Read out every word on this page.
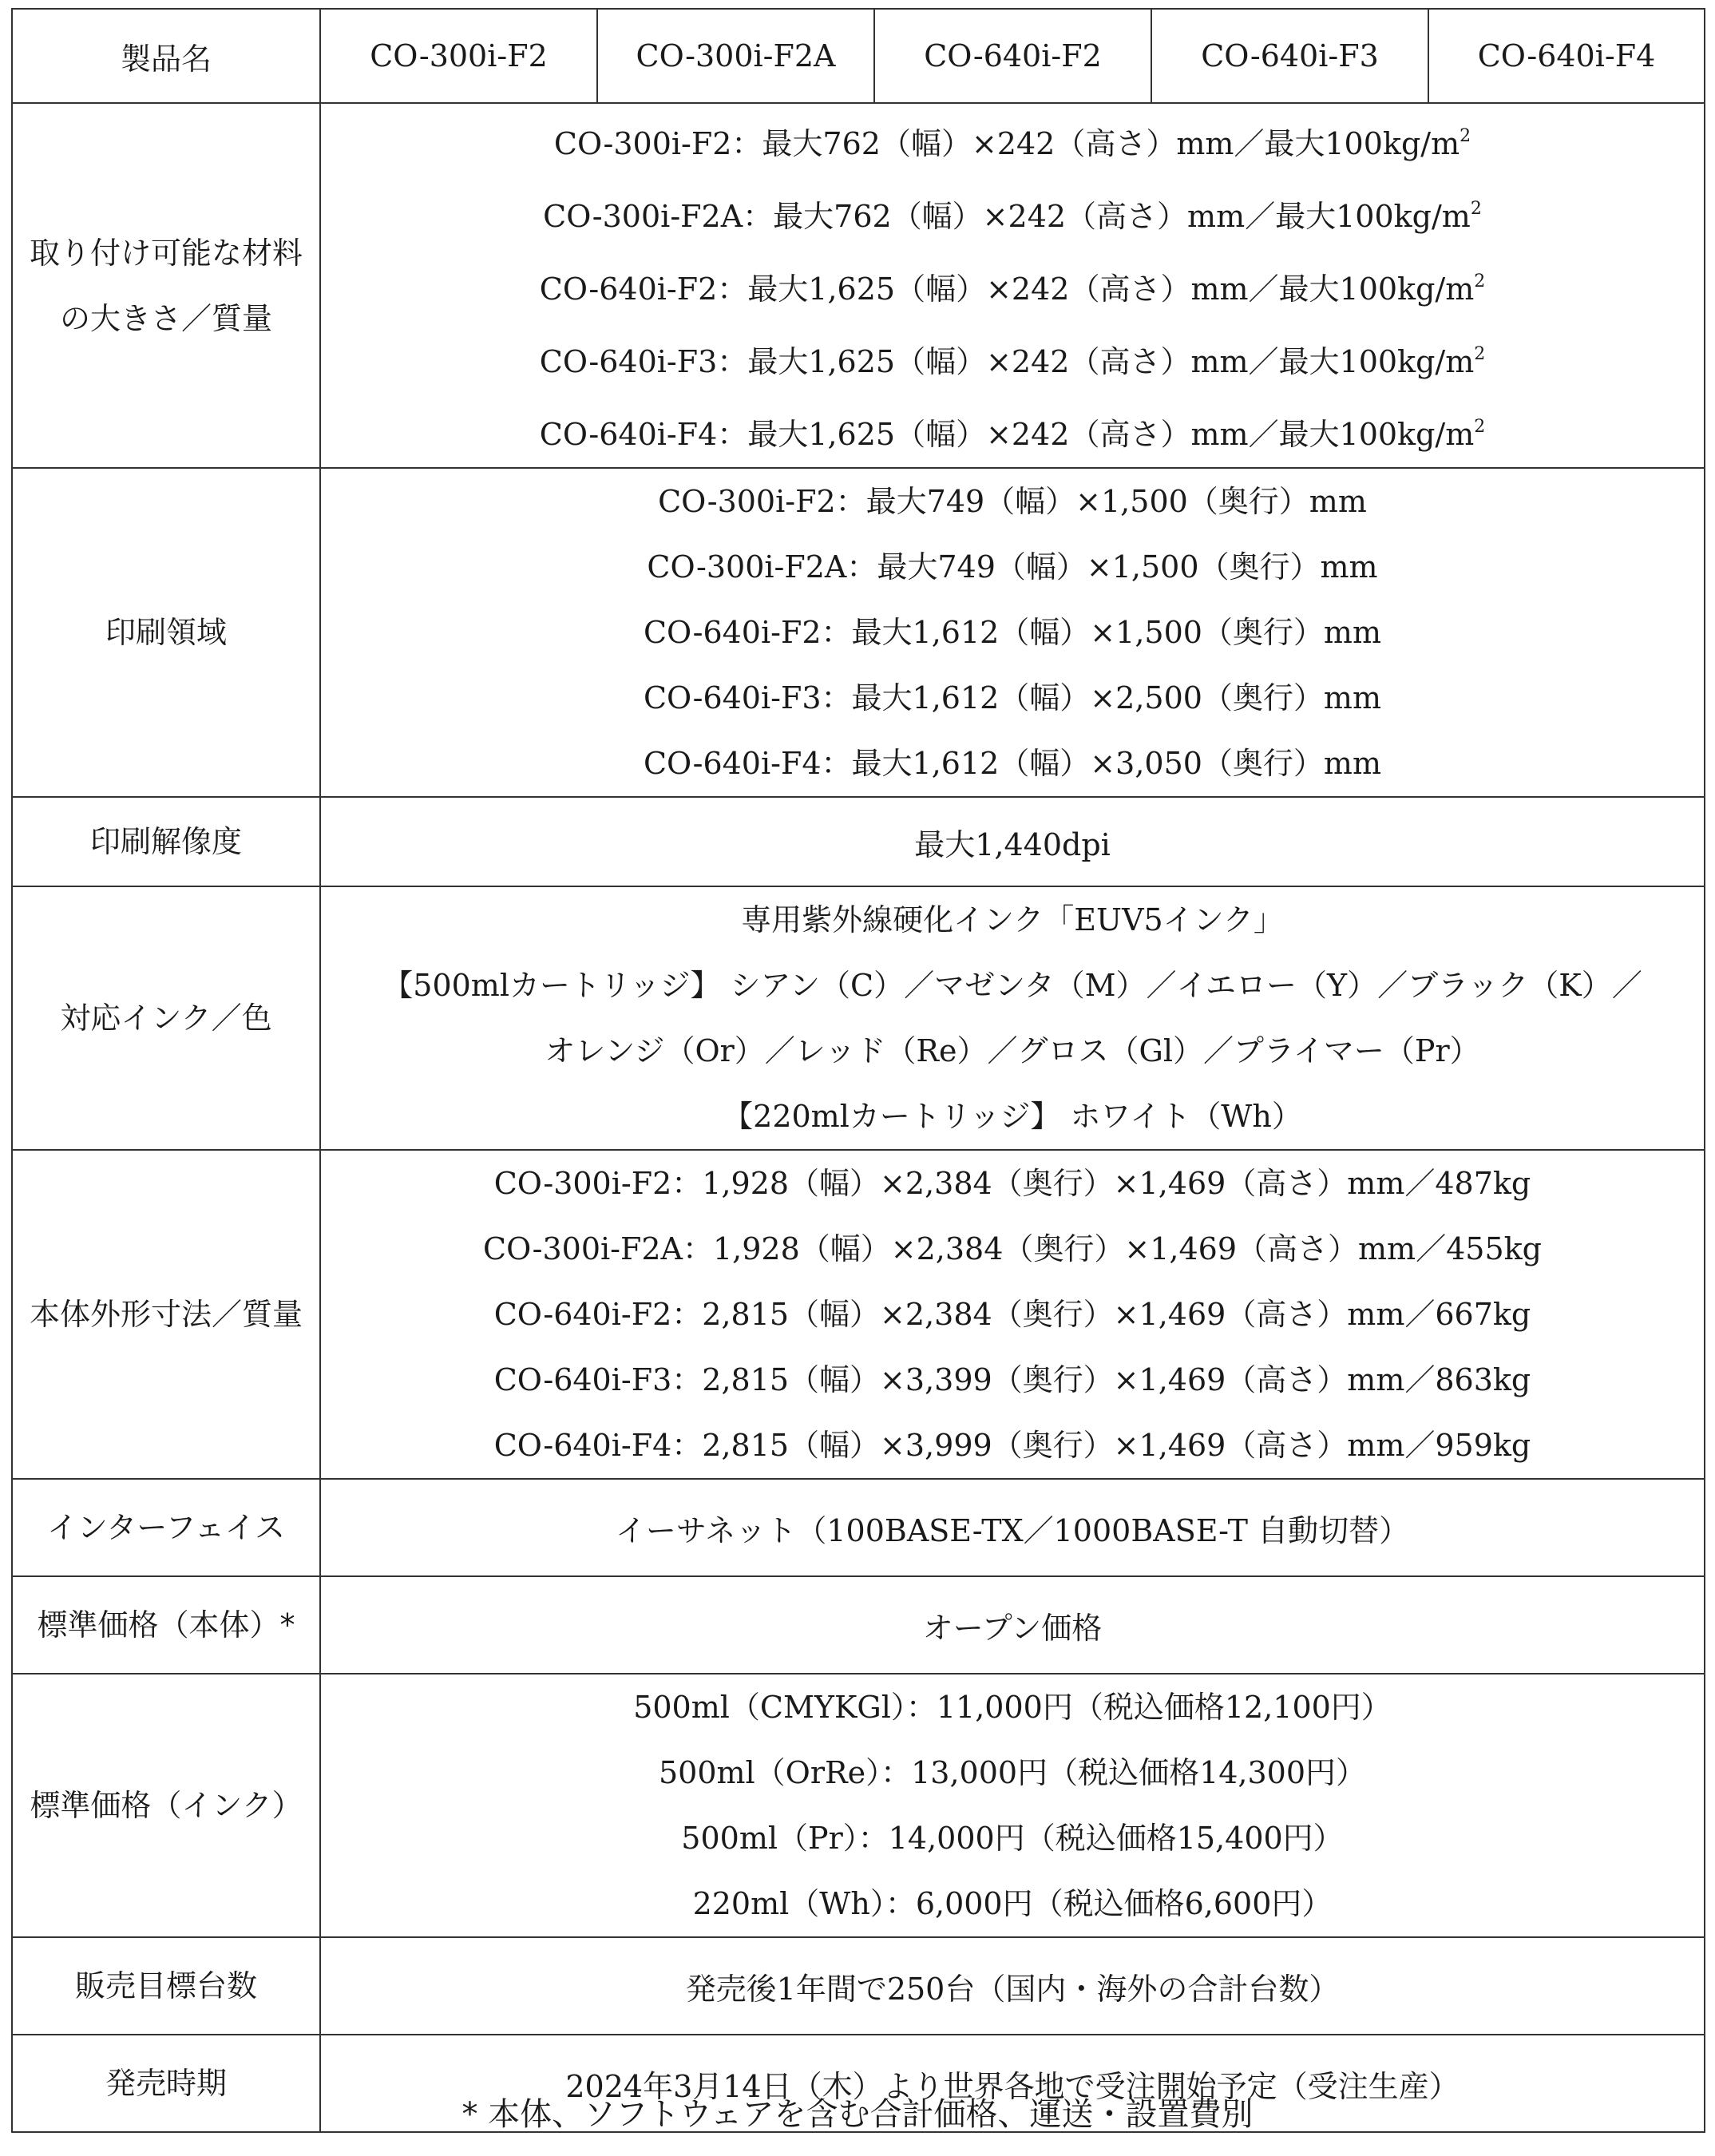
製品名	CO-300i-F2	CO-300i-F2A	CO-640i-F2	CO-640i-F3	CO-640i-F4
取り付け可能な材料の大きさ／質量	CO-300i-F2：最大762（幅）×242（高さ）mm／最大$100kg/m^2$
CO-300i-F2A：最大762（幅）×242（高さ）mm／最大$100kg/m^2$
CO-640i-F2：最大1,625（幅）×242（高さ）mm／最大$100kg/m^2$
CO-640i-F3：最大1,625（幅）×242（高さ）mm／最大$100kg/m^2$
CO-640i-F4：最大1,625（幅）×242（高さ）mm／最大$100kg/m^2$

印刷領域	CO-300i-F2：最大749（幅）×1,500（奥行）mm
CO-300i-F2A：最大749（幅）×1,500（奥行）mm
CO-640i-F2：最大1,612（幅）×1,500（奥行）mm
CO-640i-F3：最大1,612（幅）×2,500（奥行）mm
CO-640i-F4：最大1,612（幅）×3,050（奥行）mm				

印刷解像度	最大1,440dpi				
対応インク／色	専用紫外線硬化インク「EUV5インク」
【500mlカートリッジ】 シアン（C）／マゼンタ（M）／イエロー（Y）／ブラック（K）／
オレンジ（Or）／レッド（Re）／グロス（Gl）／プライマー（Pr）
【220mlカートリッジ】 ホワイト（Wh）				

本体外形寸法／質量	CO-300i-F2：1,928（幅）×2,384（奥行）×1,469（高さ）mm／487kg
CO-300i-F2A：1,928（幅）×2,384（奥行）×1,469（高さ）mm／455kg
CO-640i-F2：2,815（幅）×2,384（奥行）×1,469（高さ）mm／667kg
CO-640i-F3：2,815（幅）×3,399（奥行）×1,469（高さ）mm／863kg
CO-640i-F4：2,815（幅）×3,999（奥行）×1,469（高さ）mm／959kg				

インターフェイス	イーサネット（100BASE-TX／1000BASE-T 自動切替）				
標準価格（本体）*	オープン価格				
標準価格（インク）	500ml（CMYKGl）：11,000円（税込価格12,100円）
500ml（OrRe）：13,000円（税込価格14,300円）
500ml（Pr）：14,000円（税込価格15,400円）
220ml（Wh）：6,000円（税込価格6,600円）				

販売目標台数	発売後1年間で250台（国内・海外の合計台数）				
発売時期	2024年3月14日（木）より世界各地で受注開始予定（受注生産）				
* 本体、ソフトウェアを含む合計価格、運送・設置費別
